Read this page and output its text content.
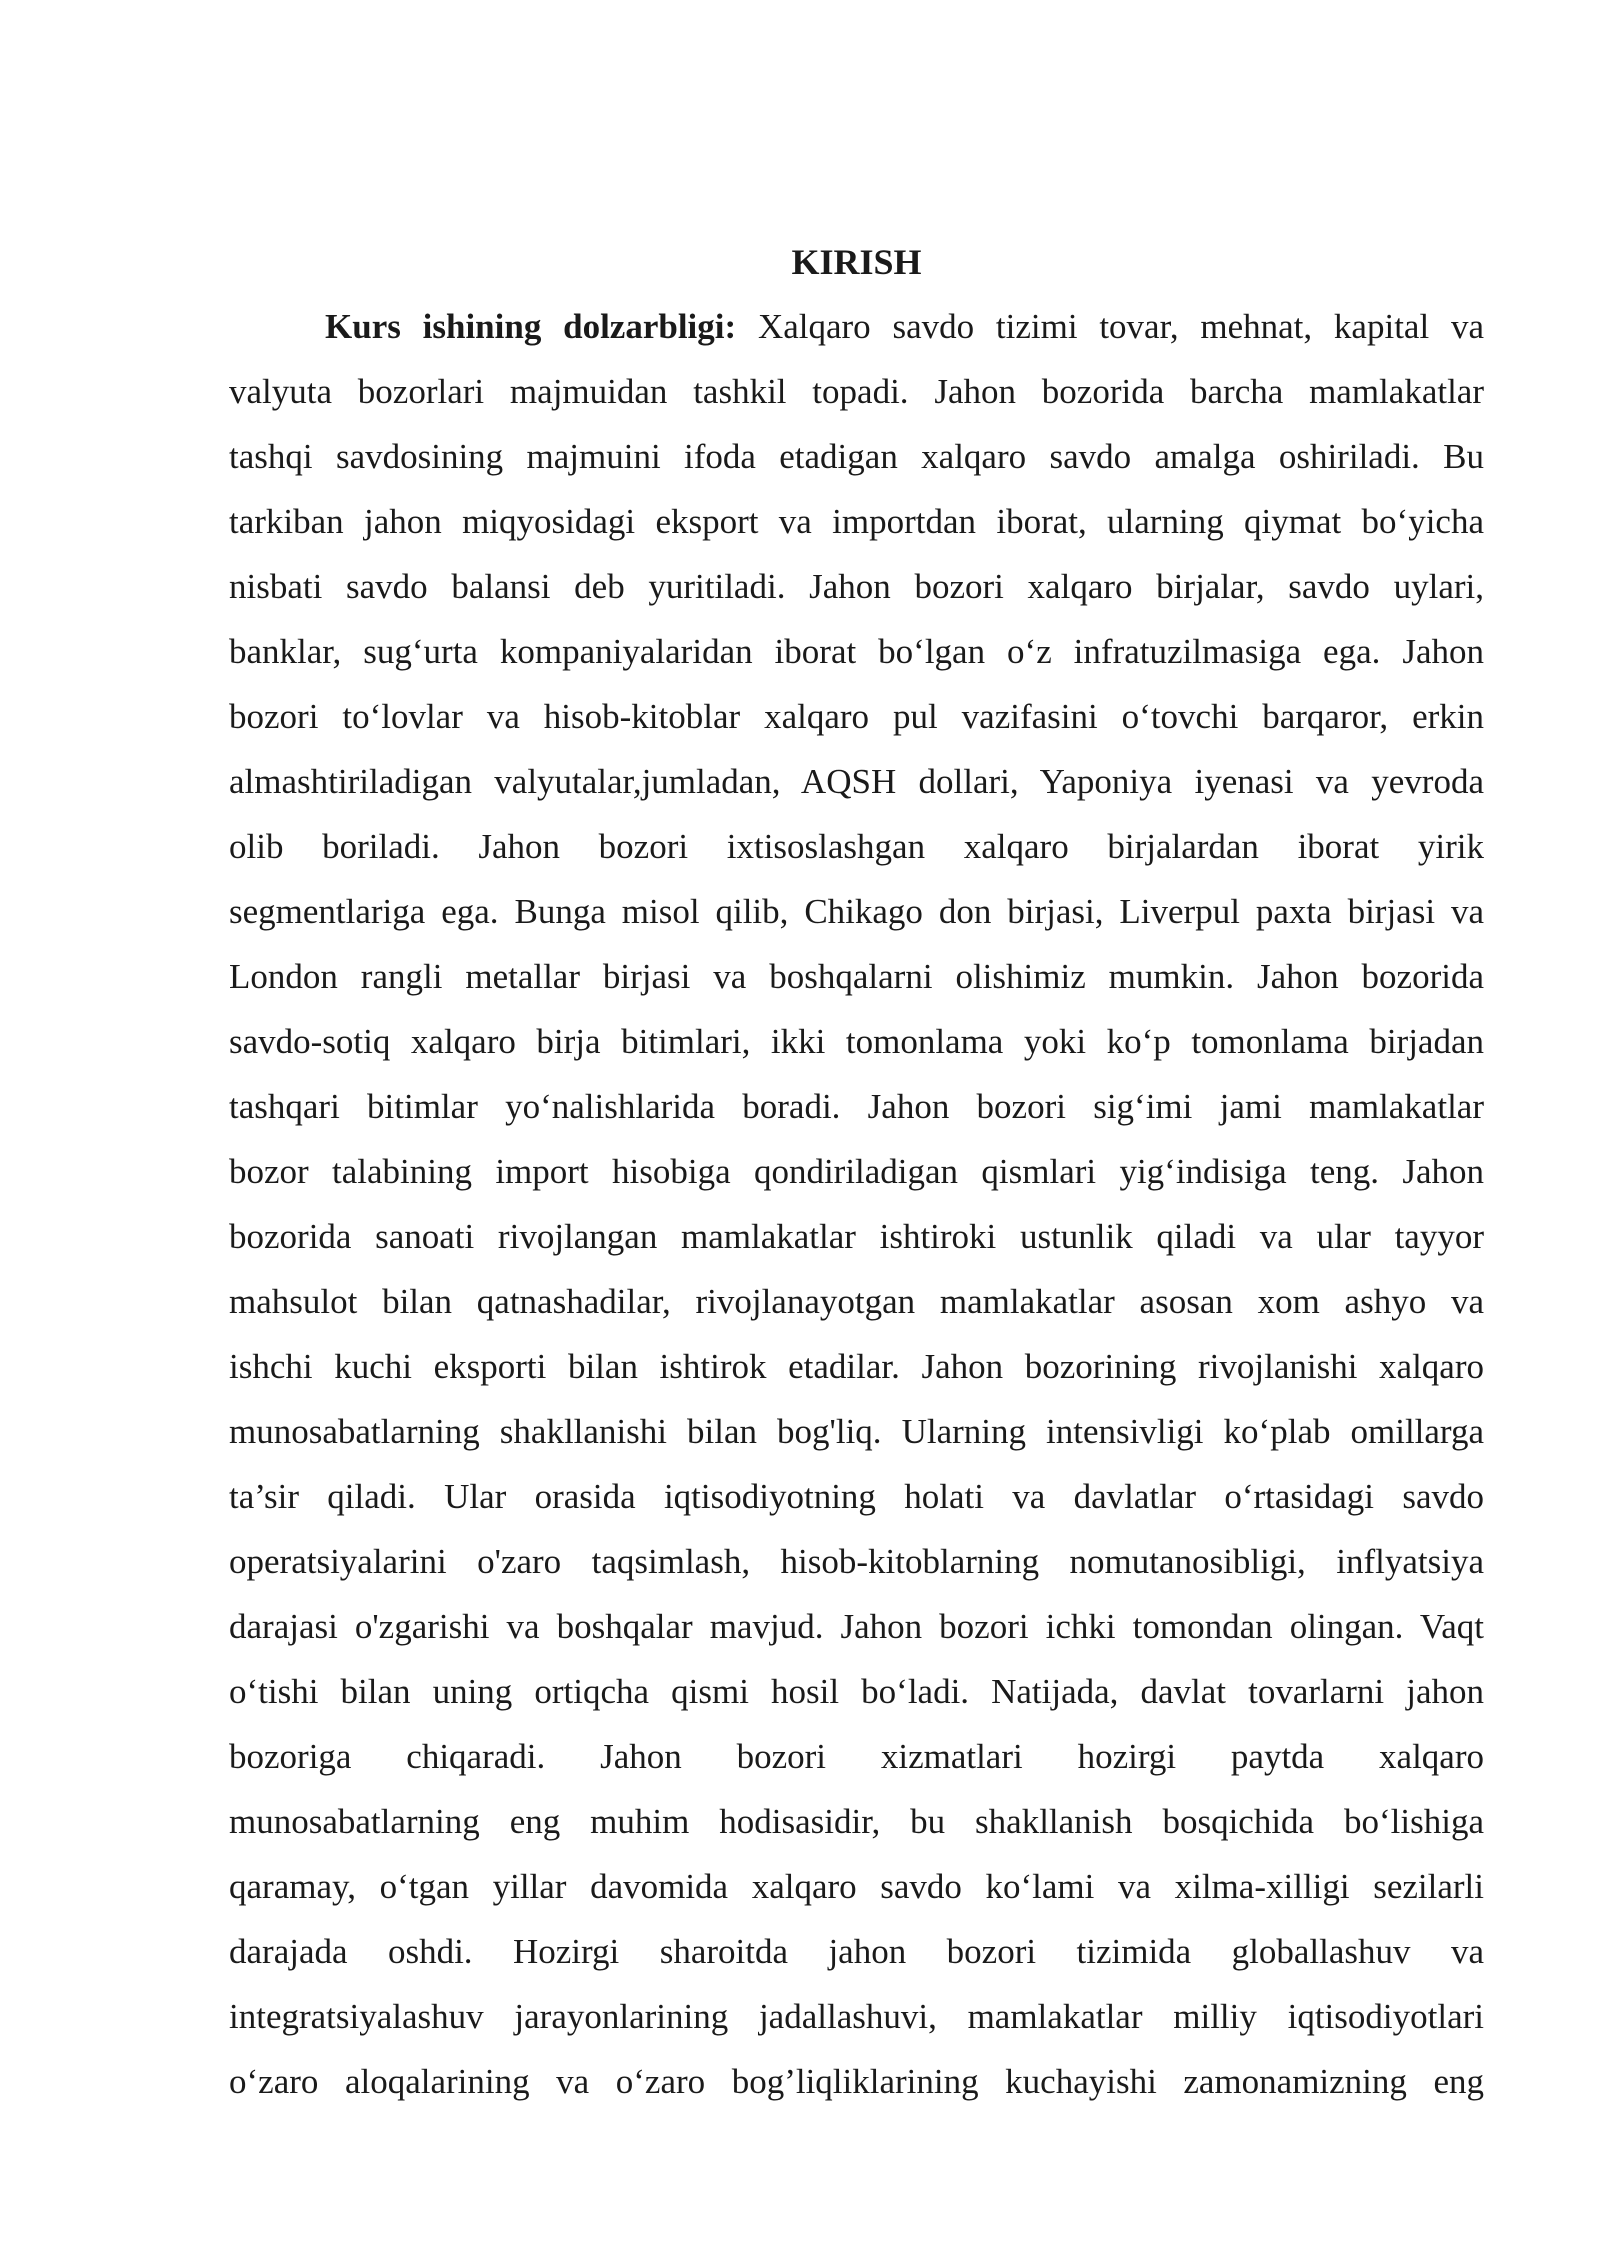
KIRISH

Kurs ishining dolzarbligi: Xalqaro savdo tizimi tovar, mehnat, kapital va

valyuta bozorlari majmuidan tashkil topadi. Jahon bozorida barcha mamlakatlar

tashqi savdosining majmuini ifoda etadigan xalqaro savdo amalga oshiriladi. Bu

tarkiban jahon miqyosidagi eksport va importdan iborat, ularning qiymat bo‘yicha

nisbati savdo balansi deb yuritiladi. Jahon bozori xalqaro birjalar, savdo uylari,

banklar, sug‘urta kompaniyalaridan iborat bo‘lgan o‘z infratuzilmasiga ega. Jahon

bozori to‘lovlar va hisob-kitoblar xalqaro pul vazifasini o‘tovchi barqaror, erkin

almashtiriladigan valyutalar,jumladan, AQSH dollari, Yaponiya iyenasi va yevroda

olib boriladi. Jahon bozori ixtisoslashgan xalqaro birjalardan iborat yirik

segmentlariga ega. Bunga misol qilib, Chikago don birjasi, Liverpul paxta birjasi va

London rangli metallar birjasi va boshqalarni olishimiz mumkin. Jahon bozorida

savdo-sotiq xalqaro birja bitimlari, ikki tomonlama yoki ko‘p tomonlama birjadan

tashqari bitimlar yo‘nalishlarida boradi. Jahon bozori sig‘imi jami mamlakatlar

bozor talabining import hisobiga qondiriladigan qismlari yig‘indisiga teng. Jahon

bozorida sanoati rivojlangan mamlakatlar ishtiroki ustunlik qiladi va ular tayyor

mahsulot bilan qatnashadilar, rivojlanayotgan mamlakatlar asosan xom ashyo va

ishchi kuchi eksporti bilan ishtirok etadilar. Jahon bozorining rivojlanishi xalqaro

munosabatlarning shakllanishi bilan bog'liq. Ularning intensivligi ko‘plab omillarga

ta’sir qiladi. Ular orasida iqtisodiyotning holati va davlatlar o‘rtasidagi savdo

operatsiyalarini o'zaro taqsimlash, hisob-kitoblarning nomutanosibligi, inflyatsiya

darajasi o'zgarishi va boshqalar mavjud. Jahon bozori ichki tomondan olingan. Vaqt

o‘tishi bilan uning ortiqcha qismi hosil bo‘ladi. Natijada, davlat tovarlarni jahon

bozoriga chiqaradi. Jahon bozori xizmatlari hozirgi paytda xalqaro

munosabatlarning eng muhim hodisasidir, bu shakllanish bosqichida bo‘lishiga

qaramay, o‘tgan yillar davomida xalqaro savdo ko‘lami va xilma-xilligi sezilarli

darajada oshdi. Hozirgi sharoitda jahon bozori tizimida globallashuv va

integratsiyalashuv jarayonlarining jadallashuvi, mamlakatlar milliy iqtisodiyotlari

o‘zaro aloqalarining va o‘zaro bog’liqliklarining kuchayishi zamonamizning eng
